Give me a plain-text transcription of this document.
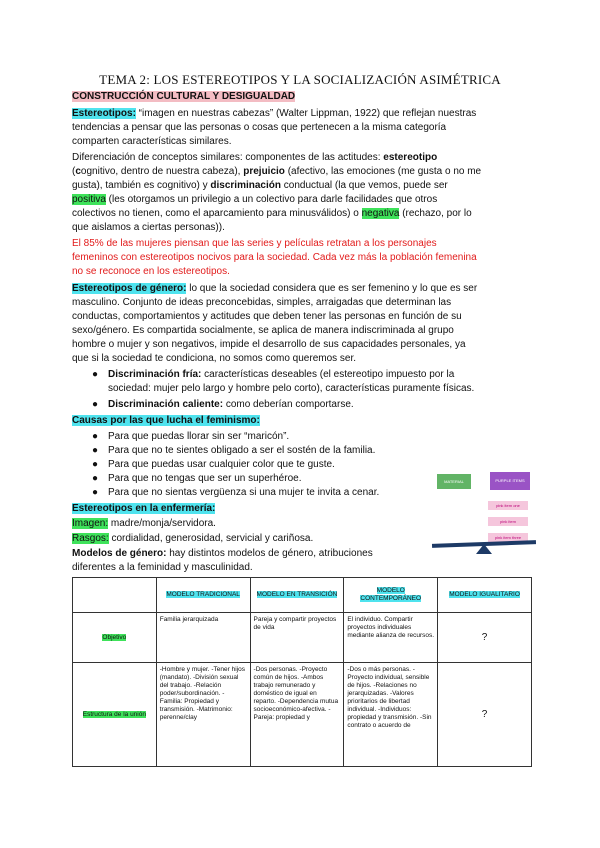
TEMA 2: LOS ESTEREOTIPOS Y LA SOCIALIZACIÓN ASIMÉTRICA
CONSTRUCCIÓN CULTURAL Y DESIGUALDAD
Estereotipos: “imagen en nuestras cabezas” (Walter Lippman, 1922) que reflejan nuestras
tendencias a pensar que las personas o cosas que pertenecen a la misma categoría
comparten características similares.
Diferenciación de conceptos similares: componentes de las actitudes: estereotipo
(cognitivo, dentro de nuestra cabeza), prejuicio (afectivo, las emociones (me gusta o no me
gusta), también es cognitivo) y discriminación conductual (la que vemos, puede ser
positiva (les otorgamos un privilegio a un colectivo para darle facilidades que otros
colectivos no tienen, como el aparcamiento para minusválidos) o negativa (rechazo, por lo
que aislamos a ciertas personas)).
El 85% de las mujeres piensan que las series y películas retratan a los personajes
femeninos con estereotipos nocivos para la sociedad. Cada vez más la población femenina
no se reconoce en los estereotipos.
Estereotipos de género: lo que la sociedad considera que es ser femenino y lo que es ser
masculino. Conjunto de ideas preconcebidas, simples, arraigadas que determinan las
conductas, comportamientos y actitudes que deben tener las personas en función de su
sexo/género. Es compartida socialmente, se aplica de manera indiscriminada al grupo
hombre o mujer y son negativos, impide el desarrollo de sus capacidades personales, ya
que si la sociedad te condiciona, no somos como queremos ser.
● Discriminación fría: características deseables (el estereotipo impuesto por la
sociedad: mujer pelo largo y hombre pelo corto), características puramente físicas.
● Discriminación caliente: como deberían comportarse.
Causas por las que lucha el feminismo:
● Para que puedas llorar sin ser “maricón”.
● Para que no te sientes obligado a ser el sostén de la familia.
● Para que puedas usar cualquier color que te guste.
● Para que no tengas que ser un superhéroe.
● Para que no sientas vergüenza si una mujer te invita a cenar.
Estereotipos en la enfermería:
Imagen: madre/monja/servidora.
Rasgos: cordialidad, generosidad, servicial y cariñosa.
Modelos de género: hay distintos modelos de género, atribuciones
diferentes a la feminidad y masculinidad.
MATERIAL	PURPLE ITEMS
pink item one
pink item
pink item three
	MODELO TRADICIONAL	MODELO EN TRANSICIÓN	MODELO CONTEMPORÁNEO	MODELO IGUALITARIO
Objetivo	Familia jerarquizada	Pareja y compartir proyectos de vida	El individuo. Compartir proyectos individuales mediante alianza de recursos.	?
Estructura de la unión	-Hombre y mujer. -Tener hijos (mandato). -División sexual del trabajo. -Relación poder/subordinación. -Familia: Propiedad y transmisión. -Matrimonio: perenne/clay	-Dos personas. -Proyecto común de hijos. -Ambos trabajo remunerado y doméstico de igual en reparto. -Dependencia mutua socioeconómico-afectiva. -Pareja: propiedad y	-Dos o más personas. -Proyecto individual, sensible de hijos. -Relaciones no jerarquizadas. -Valores prioritarios de libertad individual. -Individuos: propiedad y transmisión. -Sin contrato o acuerdo de	?
